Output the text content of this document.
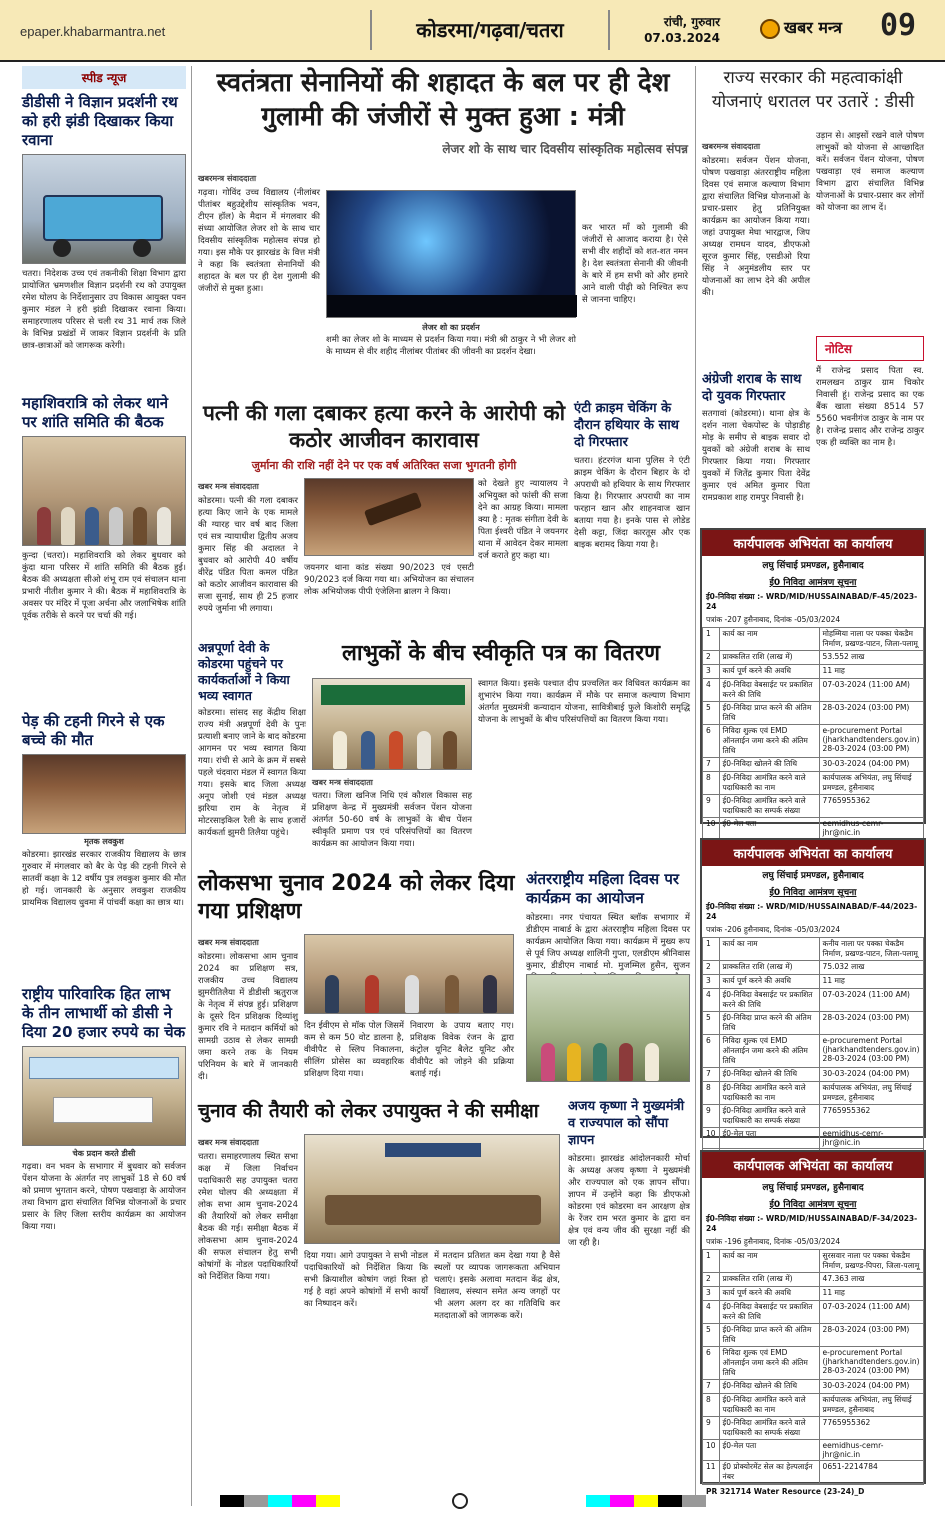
epaper.khabarmantra.net	कोडरमा/गढ़वा/चतरा	रांची, गुरुवार
07.03.2024
खबर मन्त्र 09
स्पीड न्यूज
डीडीसी ने विज्ञान प्रदर्शनी रथ को हरी झंडी दिखाकर किया रवाना
चतरा। निदेशक उच्च एवं तकनीकी शिक्षा विभाग द्वारा प्रायोजित भ्रमणशील विज्ञान प्रदर्शनी रथ को उपायुक्त रमेश घोलप के निर्देशानुसार उप विकास आयुक्त पवन कुमार मंडल ने हरी झंडी दिखाकर रवाना किया। समाहरणालय परिसर से चली रथ 31 मार्च तक जिले के विभिन्न प्रखंडों में जाकर विज्ञान प्रदर्शनी के प्रति छात्र-छात्राओं को जागरूक करेगी।
महाशिवरात्रि को लेकर थाने पर शांति समिति की बैठक
कुन्दा (चतरा)। महाशिवरात्रि को लेकर बुधवार को कुंदा थाना परिसर में शांति समिति की बैठक हुई। बैठक की अध्यक्षता सीओ शंभू राम एवं संचालन थाना प्रभारी नीतीश कुमार ने की। बैठक में महाशिवरात्रि के अवसर पर मंदिर में पूजा अर्चना और जलाभिषेक शांति पूर्वक तरीके से करने पर चर्चा की गई।
पेड़ की टहनी गिरने से एक बच्चे की मौत
मृतक लवकुश
कोडरमा। झारखंड सरकार राजकीय विद्यालय के छात्र गुरुवार में मंगलवार को बैर के पेड़ की टहनी गिरने से सातवीं कक्षा के 12 वर्षीय पुत्र लवकुश कुमार की मौत हो गई। जानकारी के अनुसार लवकुश राजकीय प्राथमिक विद्यालय धुवमा में पांचवीं कक्षा का छात्र था।
राष्ट्रीय पारिवारिक हित लाभ के तीन लाभार्थी को डीसी ने दिया 20 हजार रुपये का चेक
चेक प्रदान करते डीसी
गढ़वा। वन भवन के सभागार में बुधवार को सर्वजन पेंशन योजना के अंतर्गत नए लाभुकों 18 से 60 वर्ष को प्रमाण भुगतान करने, पोषण पखवाड़ा के आयोजन तथा विभाग द्वारा संचालित विभिन्न योजनाओं के प्रचार प्रसार के लिए जिला स्तरीय कार्यक्रम का आयोजन किया गया।
स्वतंत्रता सेनानियों की शहादत के बल पर ही देश गुलामी की जंजीरों से मुक्त हुआ : मंत्री
लेजर शो के साथ चार दिवसीय सांस्कृतिक महोत्सव संपन्न
खबरमन्त्र संवाददाता
गढ़वा। गोविंद उच्च विद्यालय (नीलांबर पीतांबर बहुउद्देशीय सांस्कृतिक भवन, टीएन हॉल) के मैदान में मंगलवार की संध्या आयोजित लेजर शो के साथ चार दिवसीय सांस्कृतिक महोत्सव संपन्न हो गया। इस मौके पर झारखंड के वित्त मंत्री ने कहा कि स्वतंत्रता सेनानियों की शहादत के बल पर ही देश गुलामी की जंजीरों से मुक्त हुआ।
लेजर शो का प्रदर्शन
शमी का लेजर शो के माध्यम से प्रदर्शन किया गया। मंत्री श्री ठाकुर ने भी लेजर शो के माध्यम से वीर शहीद नीलांबर पीतांबर की जीवनी का प्रदर्शन देखा।
कर भारत माँ को गुलामी की जंजीरों से आजाद कराया है। ऐसे सभी वीर शहीदों को शत-शत नमन है। देश स्वतंत्रता सेनानी की जीवनी के बारे में हम सभी को और हमारे आने वाली पीढ़ी को निश्चित रूप से जानना चाहिए।
पत्नी की गला दबाकर हत्या करने के आरोपी को कठोर आजीवन कारावास
जुर्माना की राशि नहीं देने पर एक वर्ष अतिरिक्त सजा भुगतनी होगी
खबर मन्त्र संवाददाता
कोडरमा। पत्नी की गला दबाकर हत्या किए जाने के एक मामले की ग्यारह चार वर्ष बाद जिला एवं सत्र न्यायाधीश द्वितीय अजय कुमार सिंह की अदालत ने बुधवार को आरोपी 40 वर्षीय वीरेंद्र पंडित पिता कमल पंडित को कठोर आजीवन कारावास की सजा सुनाई, साथ ही 25 हजार रुपये जुर्माना भी लगाया।
जयनगर थाना कांड संख्या 90/2023 एवं एसटी 90/2023 दर्ज किया गया था। अभियोजन का संचालन लोक अभियोजक पीपी एंजेलिना ब्रालग ने किया।
को देखते हुए न्यायालय ने अभियुक्त को फांसी की सजा देने का आग्रह किया। मामला क्या है : मृतक संगीता देवी के पिता ईश्वरी पंडित ने जयनगर थाना में आवेदन देकर मामला दर्ज कराते हुए कहा था।
एंटी क्राइम चेकिंग के दौरान हथियार के साथ दो गिरफ्तार
चतरा। हंटरगंज थाना पुलिस ने एंटी क्राइम चेकिंग के दौरान बिहार के दो अपराधी को हथियार के साथ गिरफ्तार किया है। गिरफ्तार अपराधी का नाम फरहान खान और शाहनवाज खान बताया गया है। इनके पास से लोडेड देसी कट्टा, जिंदा कारतूस और एक बाइक बरामद किया गया है।
अन्नपूर्णा देवी के कोडरमा पहुंचने पर कार्यकर्ताओं ने किया भव्य स्वागत
कोडरमा। सांसद सह केंद्रीय शिक्षा राज्य मंत्री अन्नपूर्णा देवी के पुनः प्रत्याशी बनाए जाने के बाद कोडरमा आगमन पर भव्य स्वागत किया गया। रांची से आने के क्रम में सबसे पहले चंदवारा मंडल में स्वागत किया गया। इसके बाद जिला अध्यक्ष अनूप जोशी एवं मंडल अध्यक्ष झरिया राम के नेतृत्व में मोटरसाइकिल रैली के साथ हजारों कार्यकर्ता झुमरी तिलैया पहुंचे।
लाभुकों के बीच स्वीकृति पत्र का वितरण
खबर मन्त्र संवाददाता
चतरा। जिला खनिज निधि एवं कौशल विकास सह प्रशिक्षण केन्द्र में मुख्यमंत्री सर्वजन पेंशन योजना अंतर्गत 50-60 वर्ष के लाभुकों के बीच पेंशन स्वीकृति प्रमाण पत्र एवं परिसंपत्तियों का वितरण कार्यक्रम का आयोजन किया गया।
स्वागत किया। इसके पश्चात दीप प्रज्वलित कर विधिवत कार्यक्रम का शुभारंभ किया गया। कार्यक्रम में मौके पर समाज कल्याण विभाग अंतर्गत मुख्यमंत्री कन्यादान योजना, सावित्रीबाई फुले किशोरी समृद्धि योजना के लाभुकों के बीच परिसंपत्तियों का वितरण किया गया।
लोकसभा चुनाव 2024 को लेकर दिया गया प्रशिक्षण
खबर मन्त्र संवाददाता
कोडरमा। लोकसभा आम चुनाव 2024 का प्रशिक्षण सत्र, राजकीय उच्च विद्यालय झुमरीतिलैया में डीडीसी ऋतुराज के नेतृत्व में संपन्न हुई। प्रशिक्षण के दूसरे दिन प्रशिक्षक दिव्यांशु कुमार रवि ने मतदान कर्मियों को सामग्री उठाव से लेकर सामग्री जमा करने तक के नियम परिनियम के बारे में जानकारी दी।
दिन ईवीएम से मॉक पोल जिसमें कम से कम 50 वोट डालना है, वीवीपैट से स्लिप निकालना, सीलिंग प्रोसेस का व्यवहारिक प्रशिक्षण दिया गया।
निवारण के उपाय बताए गए। प्रशिक्षक विवेक रंजन के द्वारा कंट्रोल यूनिट बैलेट यूनिट और वीवीपैट को जोड़ने की प्रक्रिया बताई गई।
अंतरराष्ट्रीय महिला दिवस पर कार्यक्रम का आयोजन
कोडरमा। नगर पंचायत स्थित ब्लॉक सभागार में डीडीएम नाबार्ड के द्वारा अंतरराष्ट्रीय महिला दिवस पर कार्यक्रम आयोजित किया गया। कार्यक्रम में मुख्य रूप से पूर्व जिप अध्यक्ष शालिनी गुप्ता, एलडीएम श्रीनिवास कुमार, डीडीएम नाबार्ड मो. मुजम्मिल हुसैन, सुजन
चुनाव की तैयारी को लेकर उपायुक्त ने की समीक्षा
खबर मन्त्र संवाददाता
चतरा। समाहरणालय स्थित सभा कक्ष में जिला निर्वाचन पदाधिकारी सह उपायुक्त चतरा रमेश घोलप की अध्यक्षता में लोक सभा आम चुनाव-2024 की तैयारियों को लेकर समीक्षा बैठक की गई। समीक्षा बैठक में लोकसभा आम चुनाव-2024 की सफल संचालन हेतु सभी कोषांगों के नोडल पदाधिकारियों को निर्देशित किया गया।
दिया गया। आगे उपायुक्त ने सभी नोडल पदाधिकारियों को निर्देशित किया कि सभी क्रियाशील कोषांग जहां रिक्त हो गई है वहां अपने कोषांगों में सभी कार्यों का निष्पादन करें।
में मतदान प्रतिशत कम देखा गया है वैसे स्थलों पर व्यापक जागरूकता अभियान चलाएं। इसके अलावा मतदान केंद्र क्षेत्र, विद्यालय, संस्थान समेत अन्य जगहों पर भी अलग अलग दर का गतिविधि कर मतदाताओं को जागरूक करें।
अजय कृष्णा ने मुख्यमंत्री व राज्यपाल को सौंपा ज्ञापन
कोडरमा। झारखंड आंदोलनकारी मोर्चा के अध्यक्ष अजय कृष्णा ने मुख्यमंत्री और राज्यपाल को एक ज्ञापन सौंपा। ज्ञापन में उन्होंने कहा कि डीएफओ कोडरमा एवं कोडरमा वन आरक्षण क्षेत्र के रेंजर राम भरत कुमार के द्वारा वन क्षेत्र एवं वन्य जीव की सुरक्षा नहीं की जा रही है।
राज्य सरकार की महत्वाकांक्षी योजनाएं धरातल पर उतारें : डीसी
खबरमन्त्र संवाददाता
कोडरमा। सर्वजन पेंशन योजना, पोषण पखवाड़ा अंतरराष्ट्रीय महिला दिवस एवं समाज कल्याण विभाग द्वारा संचालित विभिन्न योजनाओं के प्रचार-प्रसार हेतु प्रतिनियुक्त कार्यक्रम का आयोजन किया गया। जहां उपायुक्त मेघा भारद्वाज, जिप अध्यक्ष रामधन यादव, डीएफओ सूरज कुमार सिंह, एसडीओ रिया सिंह ने अनुमंडलीय स्तर पर योजनाओं का लाभ देने की अपील की।
अंग्रेजी शराब के साथ दो युवक गिरफ्तार
सतगावां (कोडरमा)। थाना क्षेत्र के दर्शन नाला चेकपोस्ट के पोड़ाडीह मोड़ के समीप से बाइक सवार दो युवकों को अंग्रेजी शराब के साथ गिरफ्तार किया गया। गिरफ्तार युवकों में जितेंद्र कुमार पिता देवेंद्र कुमार एवं अमित कुमार पिता रामप्रकाश शाह रामपुर निवासी है।
उड़ान से। आइसों रखने वाले पोषण लाभुकों को योजना से आच्छादित करें। सर्वजन पेंशन योजना, पोषण पखवाड़ा एवं समाज कल्याण विभाग द्वारा संचालित विभिन्न योजनाओं के प्रचार-प्रसार कर लोगों को योजना का लाभ दें।
नोटिस
मैं राजेन्द्र प्रसाद पिता स्व. रामलखन ठाकुर ग्राम चिकोर निवासी हूं। राजेन्द्र प्रसाद का एक बैंक खाता संख्या 8514 57 5560 भवनीगंज ठाकुर के नाम पर है। राजेन्द्र प्रसाद और राजेन्द्र ठाकुर एक ही व्यक्ति का नाम है।
कार्यपालक अभियंता का कार्यालय
लघु सिंचाई प्रमण्डल, हुसैनाबाद
ई0 निविदा आमंत्रण सूचना
ई0-निविदा संख्या :- WRD/MID/HUSSAINABAD/F-45/2023-24
पत्रांक -207 हुसैनाबाद, दिनांक -05/03/2024
1	कार्य का नाम	मोहम्मिया नाला पर पक्का चेकडैम निर्माण, प्रखण्ड-पाटन, जिला-पलामू
2	प्राक्कलित राशि (लाख में)	53.552 लाख
3	कार्य पूर्ण करने की अवधि	11 माह
4	ई0-निविदा वेबसाईट पर प्रकाशित करने की तिथि	07-03-2024 (11:00 AM)
5	ई0-निविदा प्राप्त करने की अंतिम तिथि	28-03-2024 (03:00 PM)
6	निविदा शुल्क एवं EMD ऑनलाईन जमा करने की अंतिम तिथि	e-procurement Portal (jharkhandtenders.gov.in) 28-03-2024 (03:00 PM)
7	ई0-निविदा खोलने की तिथि	30-03-2024 (04:00 PM)
8	ई0-निविदा आमंत्रित करने वाले पदाधिकारी का नाम	कार्यपालक अभियंता, लघु सिंचाई प्रमण्डल, हुसैनाबाद
9	ई0-निविदा आमंत्रित करने वाले पदाधिकारी का सम्पर्क संख्या	7765955362
10	ई0-मेल पता	eemidhus-cemr-jhr@nic.in

कार्यपालक अभियंता का कार्यालय
लघु सिंचाई प्रमण्डल, हुसैनाबाद
ई0 निविदा आमंत्रण सूचना
ई0-निविदा संख्या :- WRD/MID/HUSSAINABAD/F-44/2023-24
पत्रांक -206 हुसैनाबाद, दिनांक -05/03/2024
1	कार्य का नाम	कनीय नाला पर पक्का चेकडैम निर्माण, प्रखण्ड-पाटन, जिला-पलामू
2	प्राक्कलित राशि (लाख में)	75.032 लाख
3	कार्य पूर्ण करने की अवधि	11 माह
4	ई0-निविदा वेबसाईट पर प्रकाशित करने की तिथि	07-03-2024 (11:00 AM)
5	ई0-निविदा प्राप्त करने की अंतिम तिथि	28-03-2024 (03:00 PM)
6	निविदा शुल्क एवं EMD ऑनलाईन जमा करने की अंतिम तिथि	e-procurement Portal (jharkhandtenders.gov.in) 28-03-2024 (03:00 PM)
7	ई0-निविदा खोलने की तिथि	30-03-2024 (04:00 PM)
8	ई0-निविदा आमंत्रित करने वाले पदाधिकारी का नाम	कार्यपालक अभियंता, लघु सिंचाई प्रमण्डल, हुसैनाबाद
9	ई0-निविदा आमंत्रित करने वाले पदाधिकारी का सम्पर्क संख्या	7765955362
10	ई0-मेल पता	eemidhus-cemr-jhr@nic.in

कार्यपालक अभियंता का कार्यालय
लघु सिंचाई प्रमण्डल, हुसैनाबाद
ई0 निविदा आमंत्रण सूचना
ई0-निविदा संख्या :- WRD/MID/HUSSAINABAD/F-34/2023-24
पत्रांक -196 हुसैनाबाद, दिनांक -05/03/2024
1	कार्य का नाम	सुरसवार नाला पर पक्का चेकडैम निर्माण, प्रखण्ड-पिपरा, जिला-पलामू
2	प्राक्कलित राशि (लाख में)	47.363 लाख
3	कार्य पूर्ण करने की अवधि	11 माह
4	ई0-निविदा वेबसाईट पर प्रकाशित करने की तिथि	07-03-2024 (11:00 AM)
5	ई0-निविदा प्राप्त करने की अंतिम तिथि	28-03-2024 (03:00 PM)
6	निविदा शुल्क एवं EMD ऑनलाईन जमा करने की अंतिम तिथि	e-procurement Portal (jharkhandtenders.gov.in) 28-03-2024 (03:00 PM)
7	ई0-निविदा खोलने की तिथि	30-03-2024 (04:00 PM)
8	ई0-निविदा आमंत्रित करने वाले पदाधिकारी का नाम	कार्यपालक अभियंता, लघु सिंचाई प्रमण्डल, हुसैनाबाद
9	ई0-निविदा आमंत्रित करने वाले पदाधिकारी का सम्पर्क संख्या	7765955362
10	ई0-मेल पता	eemidhus-cemr-jhr@nic.in
11	ई0 प्रोक्योरमेंट सेल का हेल्पलाईन नंबर	0651-2214784
PR 321714 Water Resource (23-24)_D
